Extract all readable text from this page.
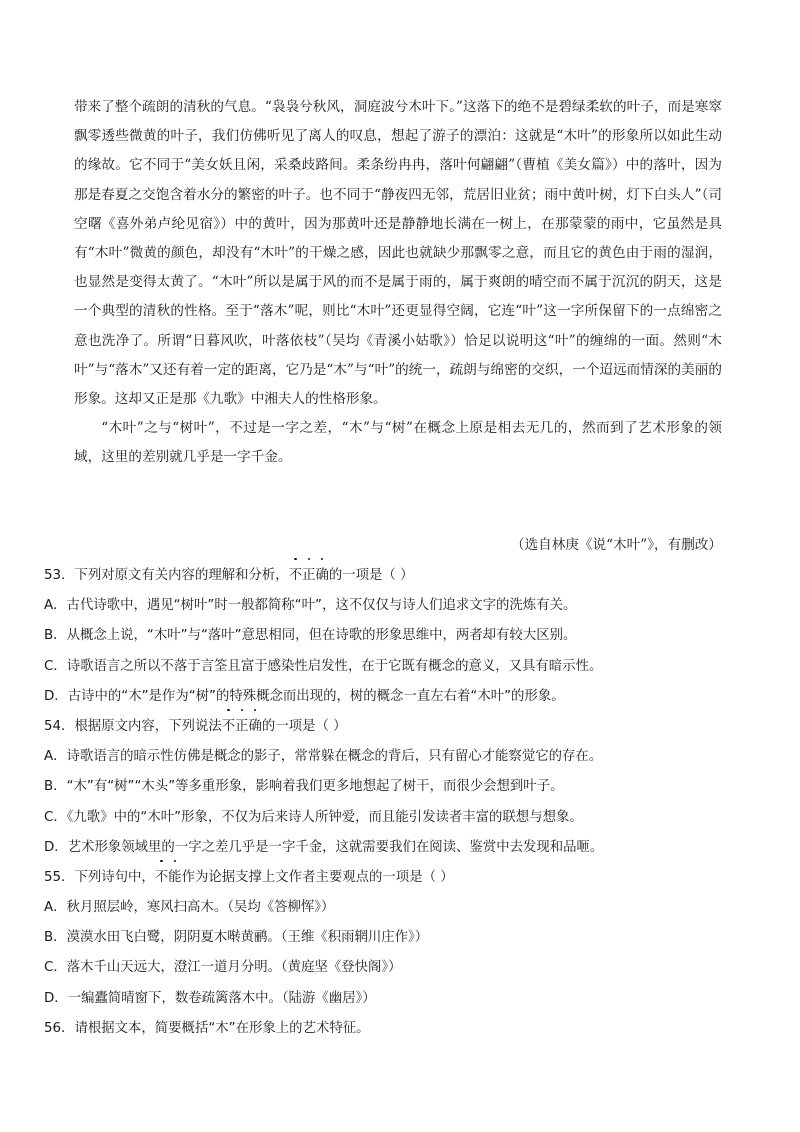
带来了整个疏朗的清秋的气息。“袅袅兮秋风，洞庭波兮木叶下。”这落下的绝不是碧绿柔软的叶子，而是寒窣飘零透些微黄的叶子，我们仿佛听见了离人的叹息，想起了游子的漂泊：这就是“木叶”的形象所以如此生动的缘故。它不同于“美女妖且闲，采桑歧路间。柔条纷冉冉，落叶何翩翩”（曹植《美女篇》）中的落叶，因为那是春夏之交饱含着水分的繁密的叶子。也不同于“静夜四无邻，荒居旧业贫；雨中黄叶树，灯下白头人”（司空曙《喜外弟卢纶见宿》）中的黄叶，因为那黄叶还是静静地长满在一树上，在那蒙蒙的雨中，它虽然是具有“木叶”微黄的颜色，却没有“木叶”的干燥之感，因此也就缺少那飘零之意，而且它的黄色由于雨的湿润，也显然是变得太黄了。“木叶”所以是属于风的而不是属于雨的，属于爽朗的晴空而不属于沉沉的阴天，这是一个典型的清秋的性格。至于“落木”呢，则比“木叶”还更显得空阔，它连“叶”这一字所保留下的一点绵密之意也洗净了。所谓“日暮风吹，叶落依枝”（吴均《青溪小姑歌》）恰足以说明这“叶”的缠绵的一面。然则“木叶”与“落木”又还有着一定的距离，它乃是“木”与“叶”的统一，疏朗与绵密的交织，一个迢远而情深的美丽的形象。这却又正是那《九歌》中湘夫人的性格形象。

“木叶”之与“树叶”，不过是一字之差，“木”与“树”在概念上原是相去无几的，然而到了艺术形象的领域，这里的差别就几乎是一字千金。

（选自林庚《说“木叶”》，有删改）
53．下列对原文有关内容的理解和分析，不
正
确
的一项是（ ）
A．古代诗歌中，遇见“树叶”时一般都简称“叶”，这不仅仅与诗人们追求文字的洗炼有关。
B．从概念上说，“木叶”与“落叶”意思相同，但在诗歌的形象思维中，两者却有较大区别。
C．诗歌语言之所以不落于言筌且富于感染性启发性，在于它既有概念的意义，又具有暗示性。
D．古诗中的“木”是作为“树”的特殊概念而出现的，树的概念一直左右着“木叶”的形象。
54．根据原文内容，下列说法不
正
确
的一项是（ ）
A．诗歌语言的暗示性仿佛是概念的影子，常常躲在概念的背后，只有留心才能察觉它的存在。
B．“木”有“树”“木头”等多重形象，影响着我们更多地想起了树干，而很少会想到叶子。
C．《九歌》中的“木叶”形象，不仅为后来诗人所钟爱，而且能引发读者丰富的联想与想象。
D．艺术形象领域里的一字之差几乎是一字千金，这就需要我们在阅读、鉴赏中去发现和品咂。
55．下列诗句中，不
能
作为论据支撑上文作者主要观点的一项是（ ）
A．秋月照层岭，寒风扫高木。（吴均《答柳恽》）
B．漠漠水田飞白鹭，阴阴夏木啭黄鹂。（王维《积雨辋川庄作》）
C．落木千山天远大，澄江一道月分明。（黄庭坚《登快阁》）
D．一编蠹简晴窗下，数卷疏篱落木中。（陆游《幽居》）
56．请根据文本，简要概括“木”在形象上的艺术特征。
